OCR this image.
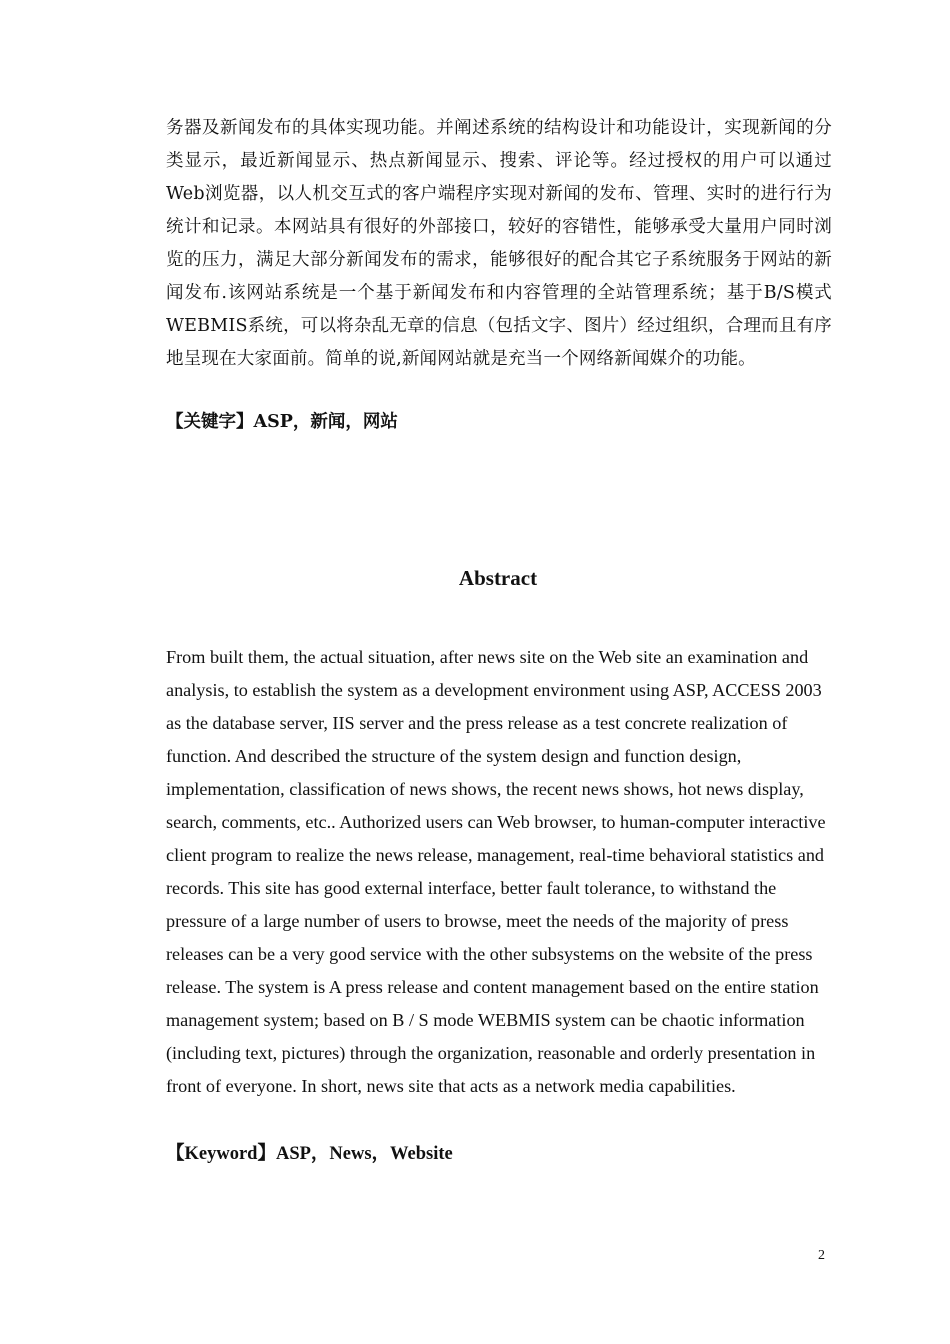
务器及新闻发布的具体实现功能。并阐述系统的结构设计和功能设计，实现新闻的分类显示，最近新闻显示、热点新闻显示、搜索、评论等。经过授权的用户可以通过Web浏览器，以人机交互式的客户端程序实现对新闻的发布、管理、实时的进行行为统计和记录。本网站具有很好的外部接口，较好的容错性，能够承受大量用户同时浏览的压力，满足大部分新闻发布的需求，能够很好的配合其它子系统服务于网站的新闻发布.该网站系统是一个基于新闻发布和内容管理的全站管理系统；基于B/S模式WEBMIS系统，可以将杂乱无章的信息（包括文字、图片）经过组织，合理而且有序地呈现在大家面前。简单的说,新闻网站就是充当一个网络新闻媒介的功能。

【关键字】ASP，新闻，网站

Abstract

From built them, the actual situation, after news site on the Web site an examination and analysis, to establish the system as a development environment using ASP, ACCESS 2003 as the database server, IIS server and the press release as a test concrete realization of function. And described the structure of the system design and function design, implementation, classification of news shows, the recent news shows, hot news display, search, comments, etc.. Authorized users can Web browser, to human-computer interactive client program to realize the news release, management, real-time behavioral statistics and records. This site has good external interface, better fault tolerance, to withstand the pressure of a large number of users to browse, meet the needs of the majority of press releases can be a very good service with the other subsystems on the website of the press release. The system is A press release and content management based on the entire station management system; based on B / S mode WEBMIS system can be chaotic information (including text, pictures) through the organization, reasonable and orderly presentation in front of everyone. In short, news site that acts as a network media capabilities.

【Keyword】ASP，News，Website

2
